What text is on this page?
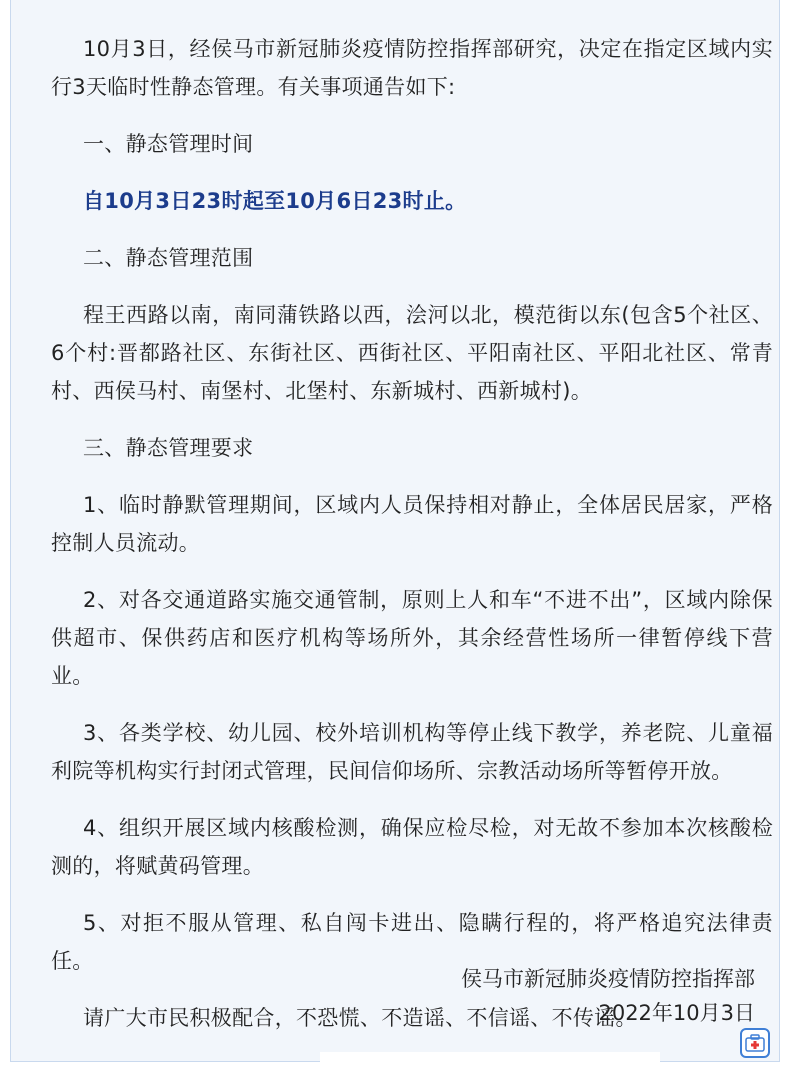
10月3日，经侯马市新冠肺炎疫情防控指挥部研究，决定在指定区域内实行3天临时性静态管理。有关事项通告如下:

一、静态管理时间

自10月3日23时起至10月6日23时止。

二、静态管理范围

程王西路以南，南同蒲铁路以西，浍河以北，模范街以东(包含5个社区、6个村:晋都路社区、东街社区、西街社区、平阳南社区、平阳北社区、常青村、西侯马村、南堡村、北堡村、东新城村、西新城村)。

三、静态管理要求

1、临时静默管理期间，区域内人员保持相对静止，全体居民居家，严格控制人员流动。

2、对各交通道路实施交通管制，原则上人和车“不进不出”，区域内除保供超市、保供药店和医疗机构等场所外，其余经营性场所一律暂停线下营业。

3、各类学校、幼儿园、校外培训机构等停止线下教学，养老院、儿童福利院等机构实行封闭式管理，民间信仰场所、宗教活动场所等暂停开放。

4、组织开展区域内核酸检测，确保应检尽检，对无故不参加本次核酸检测的，将赋黄码管理。

5、对拒不服从管理、私自闯卡进出、隐瞒行程的，将严格追究法律责任。

请广大市民积极配合，不恐慌、不造谣、不信谣、不传谣。

侯马市新冠肺炎疫情防控指挥部
2022年10月3日
